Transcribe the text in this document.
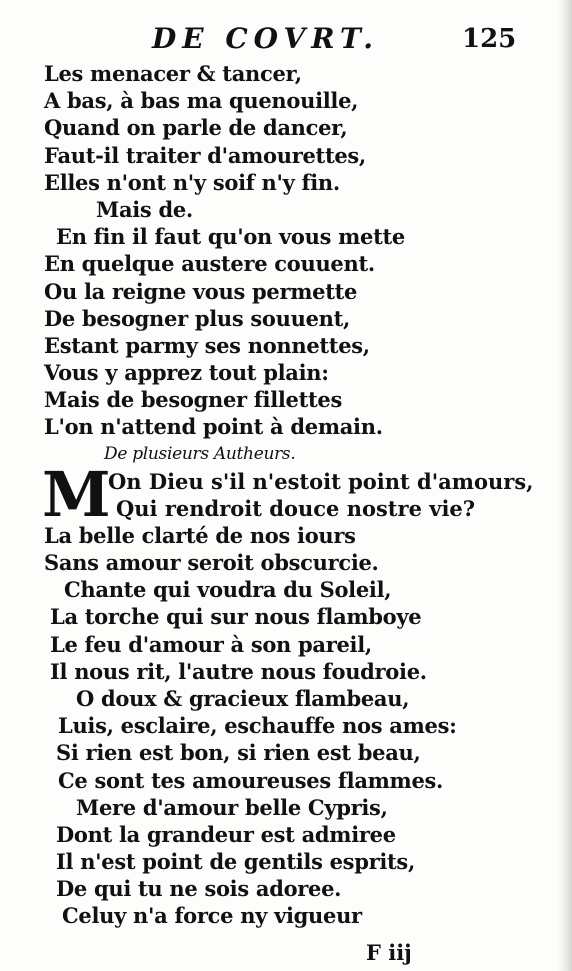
DE COVRT.	125
Les menacer & tancer,
A bas, à bas ma quenouille,
Quand on parle de dancer,
Faut-il traiter d'amourettes,
Elles n'ont n'y soif n'y fin.
Mais de.
En fin il faut qu'on vous mette
En quelque austere couuent.
Ou la reigne vous permette
De besogner plus souuent,
Estant parmy ses nonnettes,
Vous y apprez tout plain:
Mais de besogner fillettes
L'on n'attend point à demain.
De plusieurs Autheurs.
M
On Dieu s'il n'estoit point d'amours,
Qui rendroit douce nostre vie?
La belle clarté de nos iours
Sans amour seroit obscurcie.
Chante qui voudra du Soleil,
La torche qui sur nous flamboye
Le feu d'amour à son pareil,
Il nous rit, l'autre nous foudroie.
O doux & gracieux flambeau,
Luis, esclaire, eschauffe nos ames:
Si rien est bon, si rien est beau,
Ce sont tes amoureuses flammes.
Mere d'amour belle Cypris,
Dont la grandeur est admiree
Il n'est point de gentils esprits,
De qui tu ne sois adoree.
Celuy n'a force ny vigueur
F iij
